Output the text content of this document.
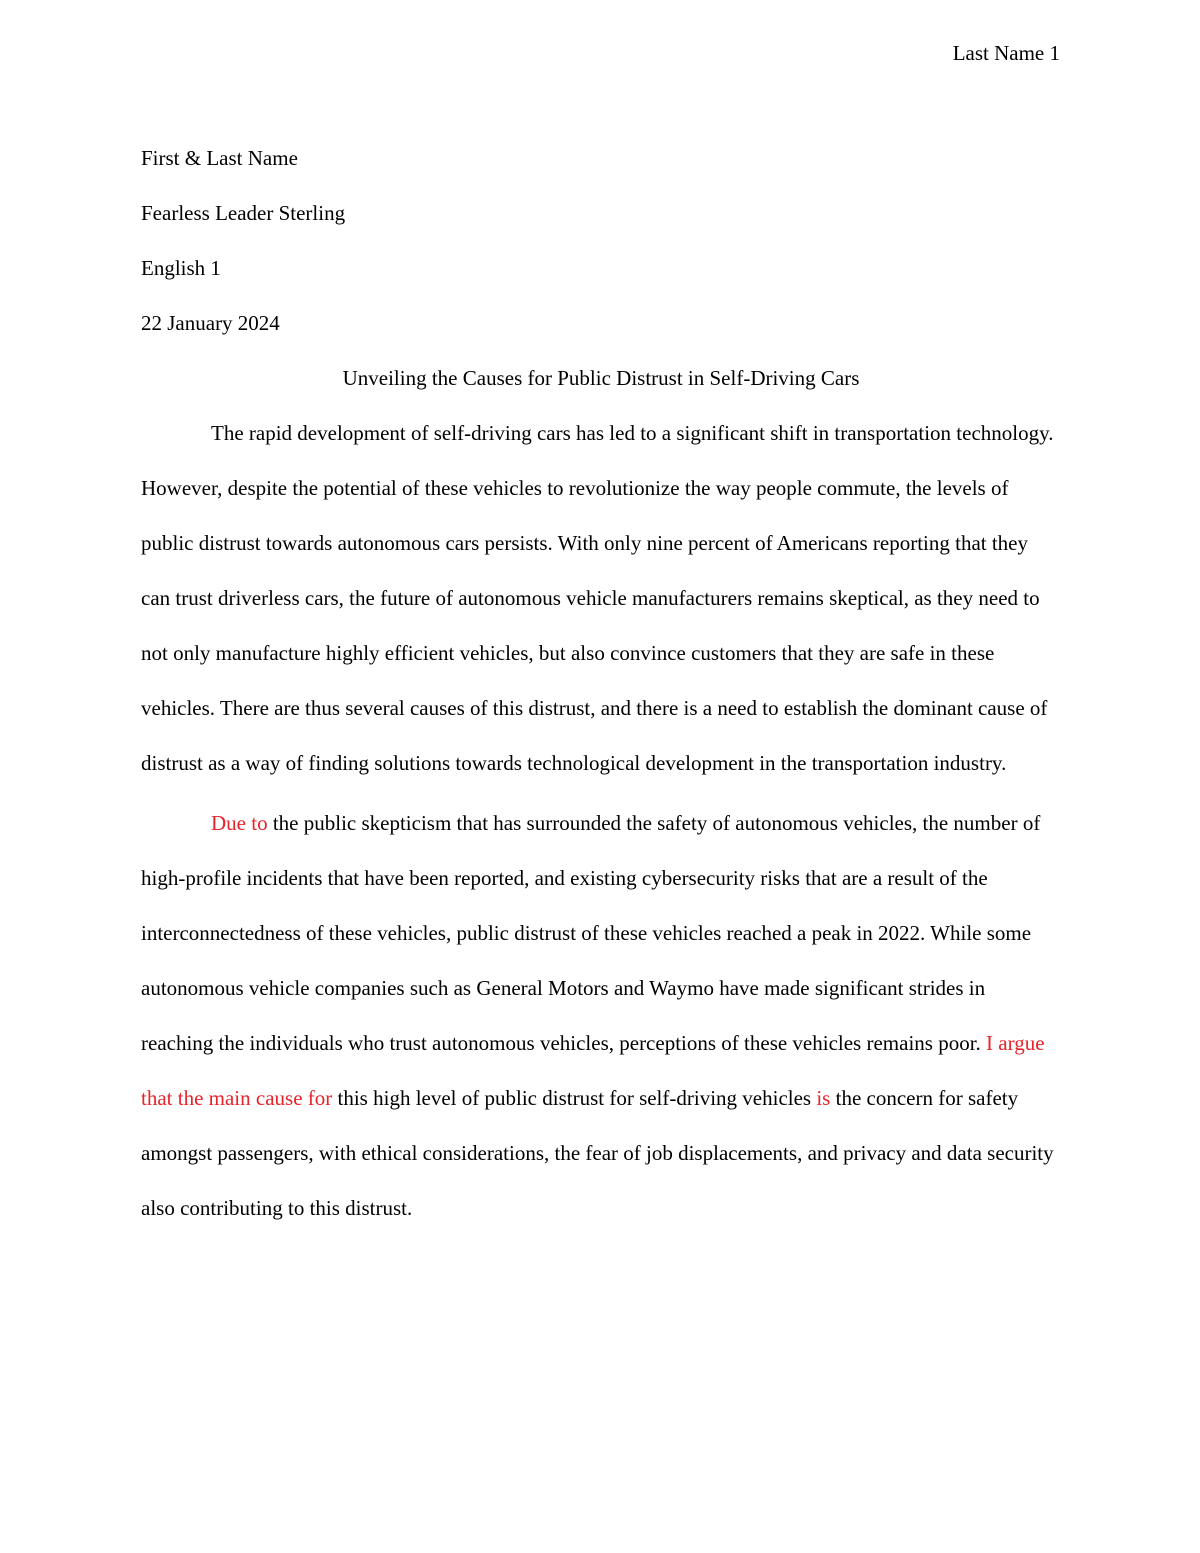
Last Name 1
First & Last Name
Fearless Leader Sterling
English 1
22 January 2024
Unveiling the Causes for Public Distrust in Self-Driving Cars

The rapid development of self-driving cars has led to a significant shift in transportation technology. However, despite the potential of these vehicles to revolutionize the way people commute, the levels of public distrust towards autonomous cars persists. With only nine percent of Americans reporting that they can trust driverless cars, the future of autonomous vehicle manufacturers remains skeptical, as they need to not only manufacture highly efficient vehicles, but also convince customers that they are safe in these vehicles. There are thus several causes of this distrust, and there is a need to establish the dominant cause of distrust as a way of finding solutions towards technological development in the transportation industry.

Due to the public skepticism that has surrounded the safety of autonomous vehicles, the number of high-profile incidents that have been reported, and existing cybersecurity risks that are a result of the interconnectedness of these vehicles, public distrust of these vehicles reached a peak in 2022. While some autonomous vehicle companies such as General Motors and Waymo have made significant strides in reaching the individuals who trust autonomous vehicles, perceptions of these vehicles remains poor. I argue that the main cause for this high level of public distrust for self-driving vehicles is the concern for safety amongst passengers, with ethical considerations, the fear of job displacements, and privacy and data security also contributing to this distrust.
